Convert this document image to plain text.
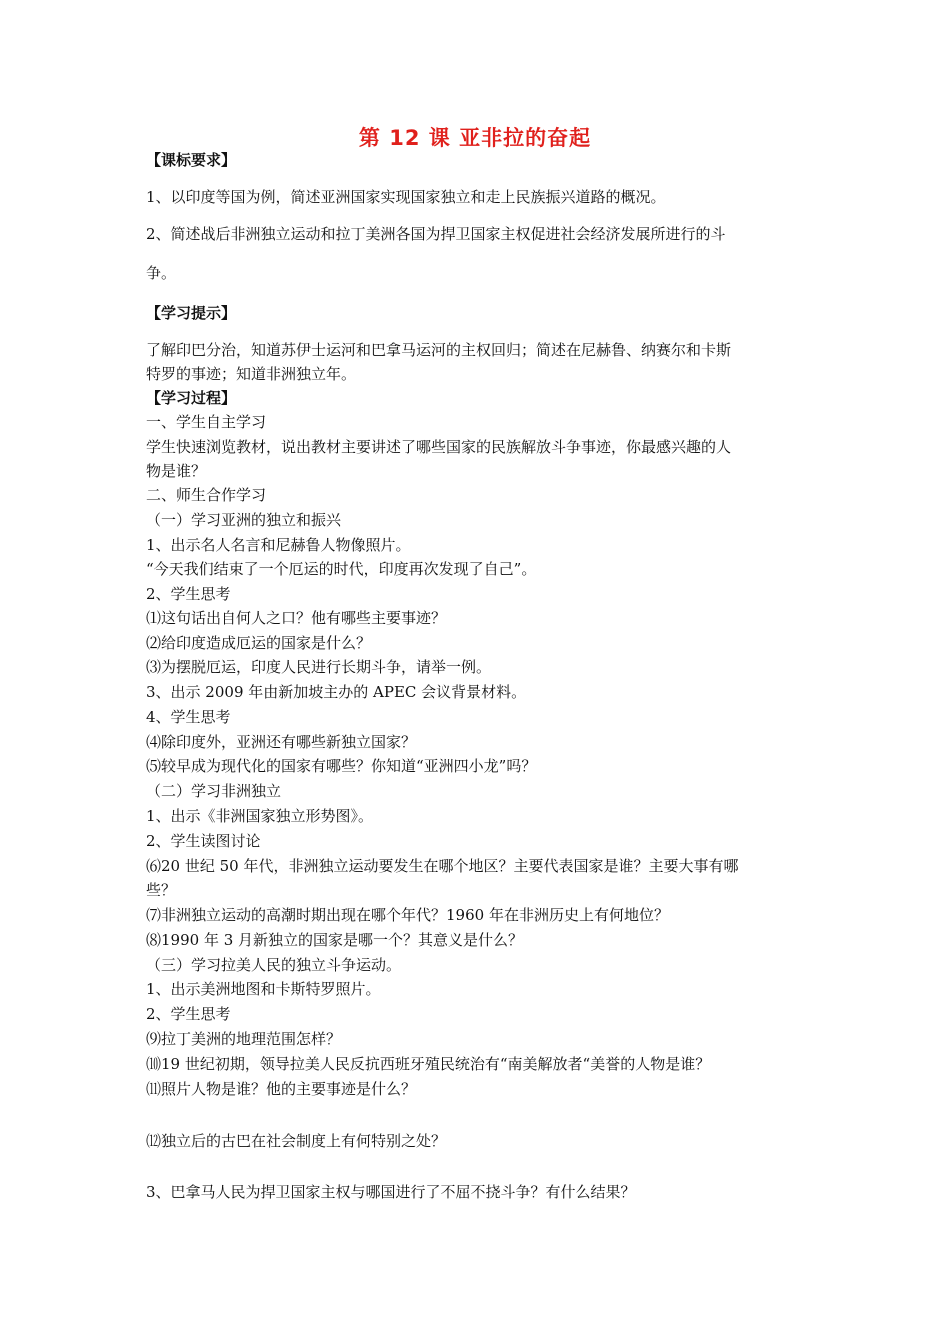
第 12 课 亚非拉的奋起
【课标要求】
1、以印度等国为例，简述亚洲国家实现国家独立和走上民族振兴道路的概况。
2、简述战后非洲独立运动和拉丁美洲各国为捍卫国家主权促进社会经济发展所进行的斗
争。
【学习提示】
了解印巴分治，知道苏伊士运河和巴拿马运河的主权回归；简述在尼赫鲁、纳赛尔和卡斯
特罗的事迹；知道非洲独立年。
【学习过程】
一、学生自主学习
学生快速浏览教材，说出教材主要讲述了哪些国家的民族解放斗争事迹，你最感兴趣的人
物是谁？
二、师生合作学习
（一）学习亚洲的独立和振兴
1、出示名人名言和尼赫鲁人物像照片。
“今天我们结束了一个厄运的时代，印度再次发现了自己”。
2、学生思考
⑴这句话出自何人之口？他有哪些主要事迹？
⑵给印度造成厄运的国家是什么？
⑶为摆脱厄运，印度人民进行长期斗争，请举一例。
3、出示 2009 年由新加坡主办的 APEC 会议背景材料。
4、学生思考
⑷除印度外，亚洲还有哪些新独立国家？
⑸较早成为现代化的国家有哪些？你知道“亚洲四小龙”吗？
（二）学习非洲独立
1、出示《非洲国家独立形势图》。
2、学生读图讨论
⑹20 世纪 50 年代，非洲独立运动要发生在哪个地区？主要代表国家是谁？主要大事有哪
些？
⑺非洲独立运动的高潮时期出现在哪个年代？1960 年在非洲历史上有何地位？
⑻1990 年 3 月新独立的国家是哪一个？其意义是什么？
（三）学习拉美人民的独立斗争运动。
1、出示美洲地图和卡斯特罗照片。
2、学生思考
⑼拉丁美洲的地理范围怎样？
⑽19 世纪初期，领导拉美人民反抗西班牙殖民统治有“南美解放者“美誉的人物是谁？
⑾照片人物是谁？他的主要事迹是什么？
⑿独立后的古巴在社会制度上有何特别之处？
3、巴拿马人民为捍卫国家主权与哪国进行了不屈不挠斗争？有什么结果？
